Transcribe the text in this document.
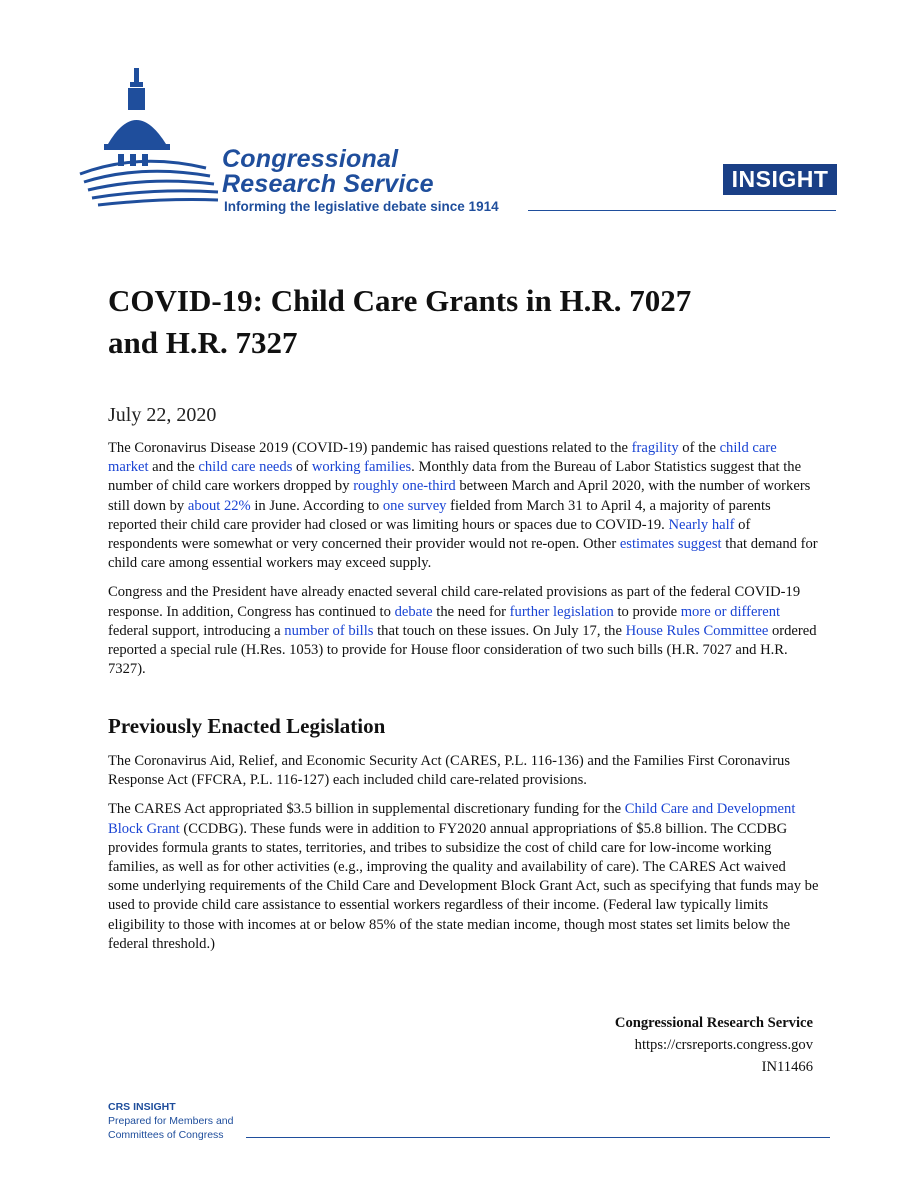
Congressional
Research Service
Informing the legislative debate since 1914
INSIGHT
COVID-19: Child Care Grants in H.R. 7027
and H.R. 7327
July 22, 2020

The Coronavirus Disease 2019 (COVID-19) pandemic has raised questions related to the fragility of the child care market and the child care needs of working families. Monthly data from the Bureau of Labor Statistics suggest that the number of child care workers dropped by roughly one-third between March and April 2020, with the number of workers still down by about 22% in June. According to one survey fielded from March 31 to April 4, a majority of parents reported their child care provider had closed or was limiting hours or spaces due to COVID-19. Nearly half of respondents were somewhat or very concerned their provider would not re-open. Other estimates suggest that demand for child care among essential workers may exceed supply.

Congress and the President have already enacted several child care-related provisions as part of the federal COVID-19 response. In addition, Congress has continued to debate the need for further legislation to provide more or different federal support, introducing a number of bills that touch on these issues. On July 17, the House Rules Committee ordered reported a special rule (H.Res. 1053) to provide for House floor consideration of two such bills (H.R. 7027 and H.R. 7327).

Previously Enacted Legislation

The Coronavirus Aid, Relief, and Economic Security Act (CARES, P.L. 116-136) and the Families First Coronavirus Response Act (FFCRA, P.L. 116-127) each included child care-related provisions.

The CARES Act appropriated $3.5 billion in supplemental discretionary funding for the Child Care and Development Block Grant (CCDBG). These funds were in addition to FY2020 annual appropriations of $5.8 billion. The CCDBG provides formula grants to states, territories, and tribes to subsidize the cost of child care for low-income working families, as well as for other activities (e.g., improving the quality and availability of care). The CARES Act waived some underlying requirements of the Child Care and Development Block Grant Act, such as specifying that funds may be used to provide child care assistance to essential workers regardless of their income. (Federal law typically limits eligibility to those with incomes at or below 85% of the state median income, though most states set limits below the federal threshold.)

Congressional Research Service
https://crsreports.congress.gov
IN11466
CRS INSIGHT
Prepared for Members and
Committees of Congress
